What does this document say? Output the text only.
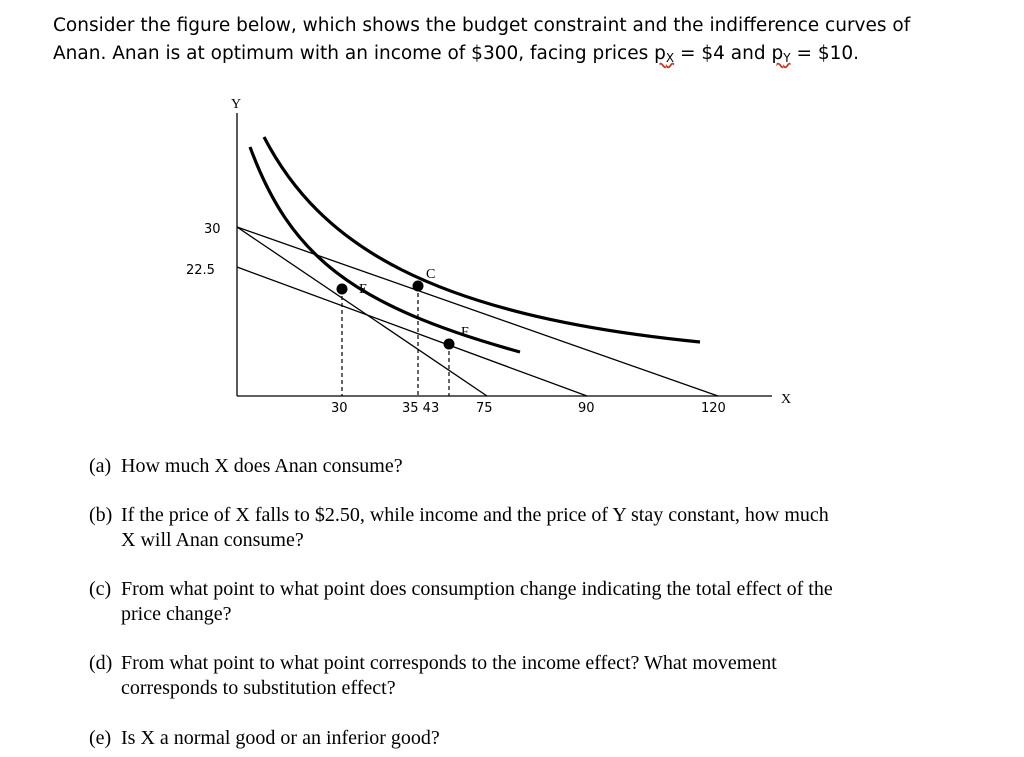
Consider the figure below, which shows the budget constraint and the indifference curves of
Anan. Anan is at optimum with an income of $300, facing prices $p_X$ = $4 and $p_Y$ = $10.
Y
X
30
22.5
30	35 43	75	90	120
E
C
F
(a) How much X does Anan consume?
(b) If the price of X falls to $2.50, while income and the price of Y stay constant, how much
X will Anan consume?
(c) From what point to what point does consumption change indicating the total effect of the
price change?
(d) From what point to what point corresponds to the income effect? What movement
corresponds to substitution effect?
(e) Is X a normal good or an inferior good?
